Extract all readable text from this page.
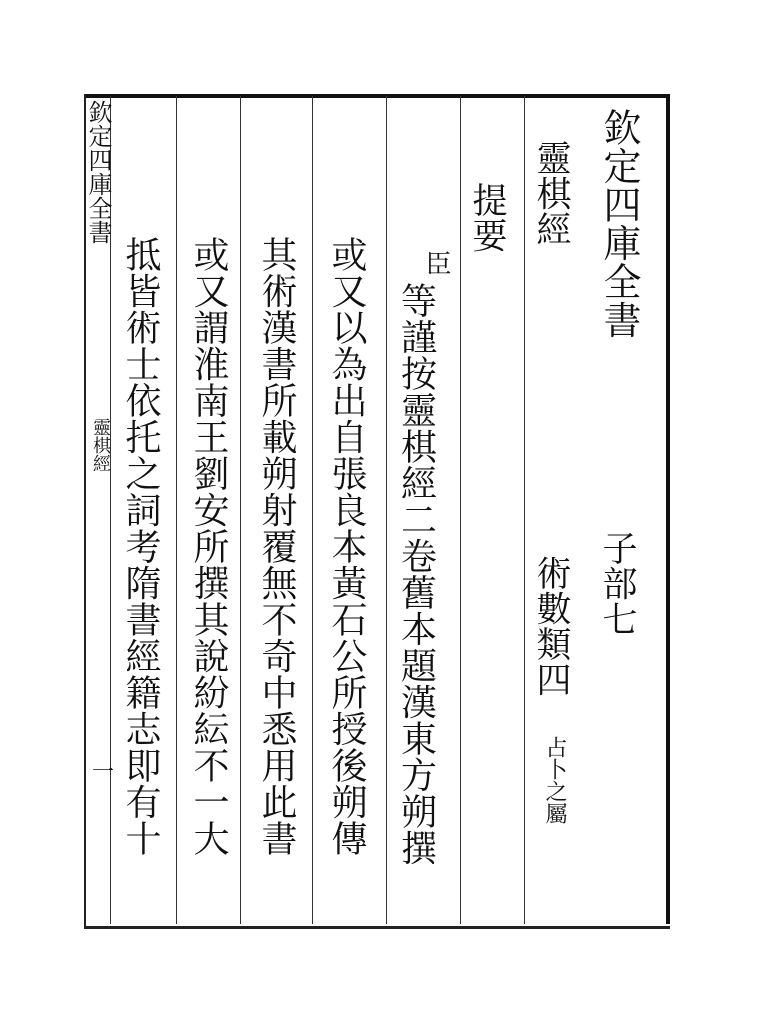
欽定四庫全書
靈棋經
一
欽定四庫全書
子部七
靈棋經
術數類四
占卜之屬
提要
臣
等謹按靈棋經二卷舊本題漢東方朔撰
或又以為出自張良本黃石公所授後朔傳
其術漢書所載朔射覆無不奇中悉用此書
或又謂淮南王劉安所撰其說紛紜不一大
抵皆術士依托之詞考隋書經籍志即有十
